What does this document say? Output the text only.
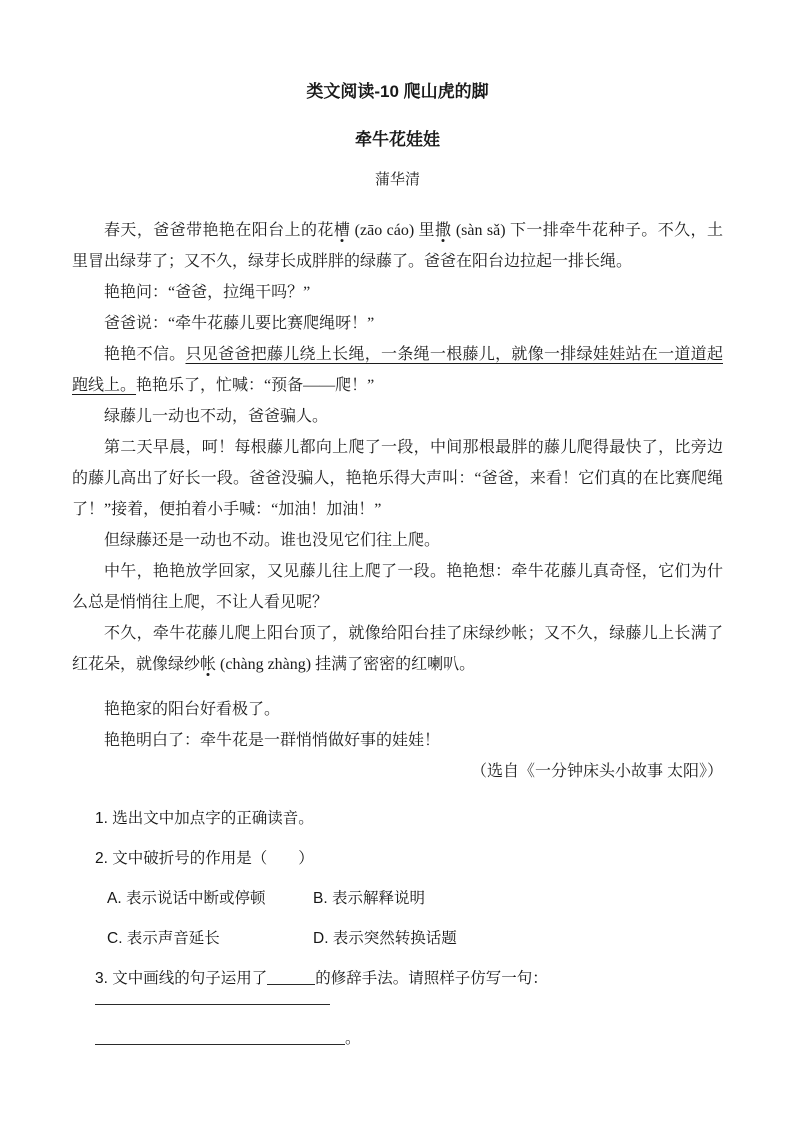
类文阅读-10 爬山虎的脚
牵牛花娃娃
蒲华清

春天，爸爸带艳艳在阳台上的花槽 (zāo cáo) 里撒 (sàn sǎ) 下一排牵牛花种子。不久，土里冒出绿芽了；又不久，绿芽长成胖胖的绿藤了。爸爸在阳台边拉起一排长绳。

艳艳问：“爸爸，拉绳干吗？”

爸爸说：“牵牛花藤儿要比赛爬绳呀！”

艳艳不信。只见爸爸把藤儿绕上长绳，一条绳一根藤儿，就像一排绿娃娃站在一道道起跑线上。艳艳乐了，忙喊：“预备——爬！”

绿藤儿一动也不动，爸爸骗人。

第二天早晨，呵！每根藤儿都向上爬了一段，中间那根最胖的藤儿爬得最快了，比旁边的藤儿高出了好长一段。爸爸没骗人，艳艳乐得大声叫：“爸爸，来看！它们真的在比赛爬绳了！”接着，便拍着小手喊：“加油！加油！”

但绿藤还是一动也不动。谁也没见它们往上爬。

中午，艳艳放学回家，又见藤儿往上爬了一段。艳艳想：牵牛花藤儿真奇怪，它们为什么总是悄悄往上爬，不让人看见呢？

不久，牵牛花藤儿爬上阳台顶了，就像给阳台挂了床绿纱帐；又不久，绿藤儿上长满了红花朵，就像绿纱帐 (chàng zhàng) 挂满了密密的红喇叭。

艳艳家的阳台好看极了。

艳艳明白了：牵牛花是一群悄悄做好事的娃娃！

（选自《一分钟床头小故事 太阳》）

1. 选出文中加点字的正确读音。

2. 文中破折号的作用是（　　）

A. 表示说话中断或停顿	B. 表示解释说明

C. 表示声音延长	D. 表示突然转换话题

3. 文中画线的句子运用了	的修辞手法。请照样子仿写一句：

。
